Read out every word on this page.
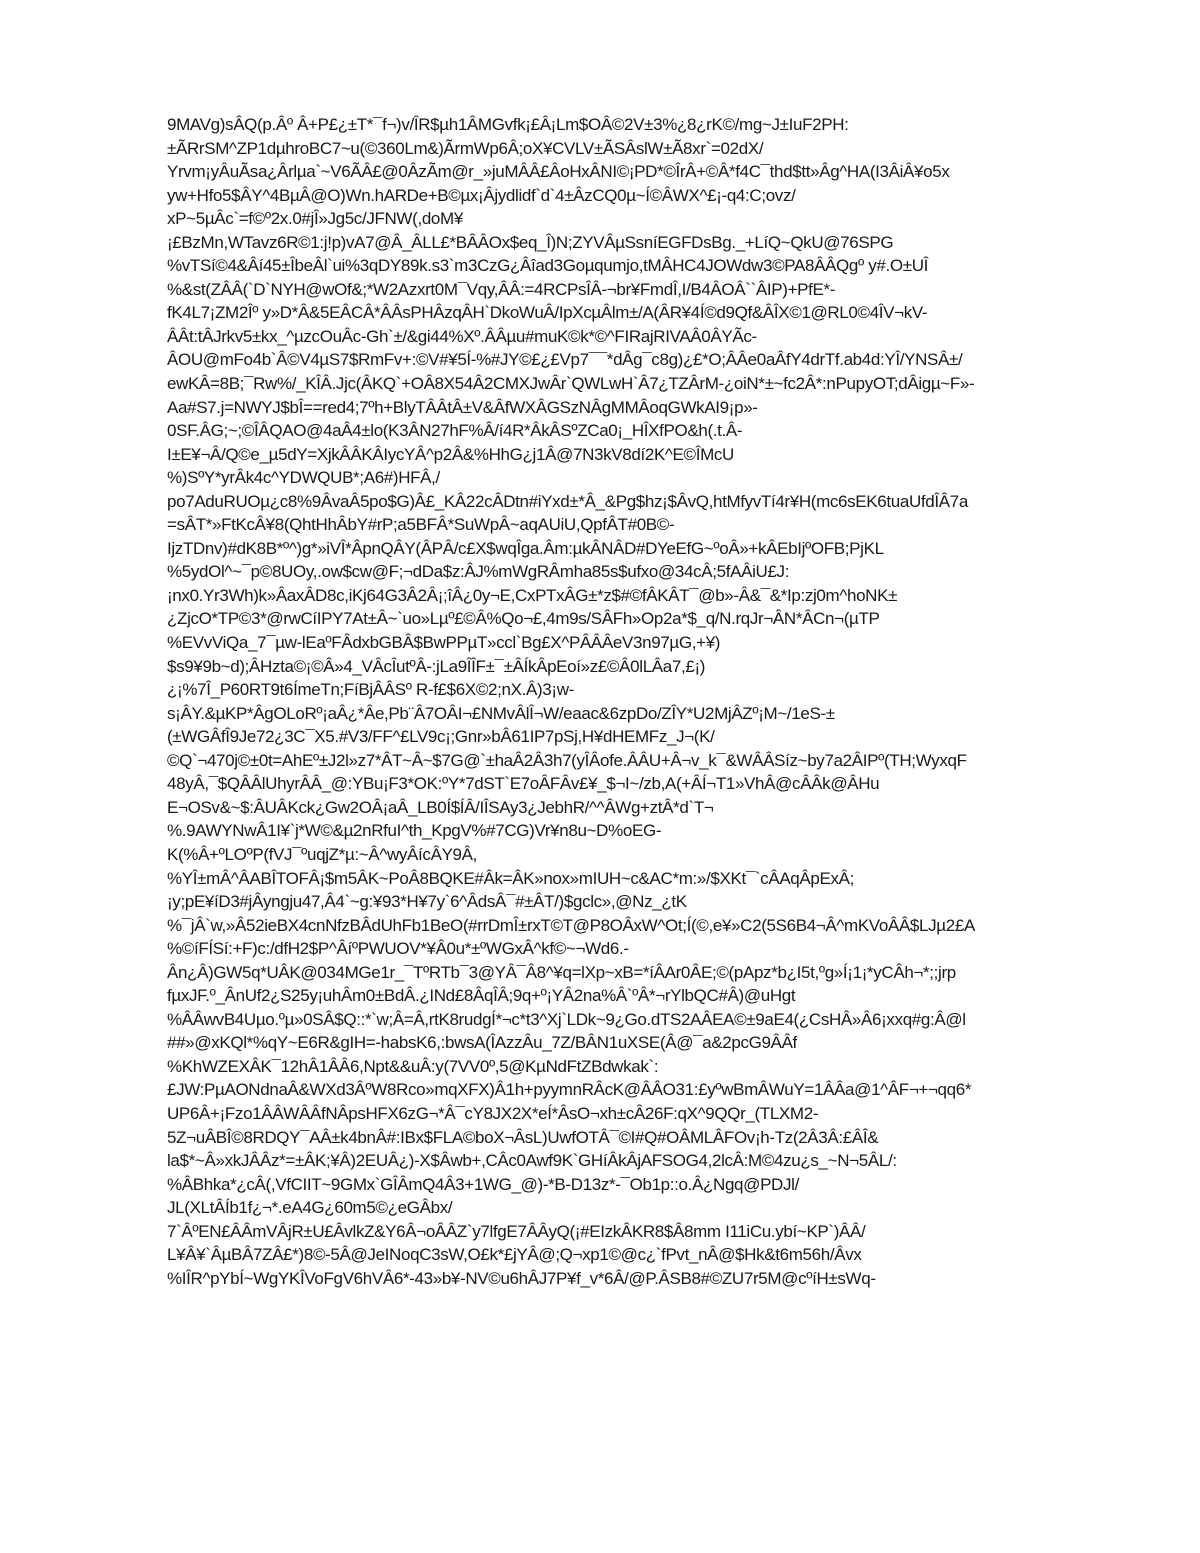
9MAVg)sÂQ(p.Âº Â+P£¿±T*¯f¬)v/ÎR$µh1ÂMGvfk¡£Â¡Lm$OÂ©2V±3%¿8¿rK©/mg~J±IuF2PH:
±ÃRrSM^ZP1dµhroBC7~u(©360Lm&)ÃrmWp6Â;oX¥CVLV±ÃSÂslW±Ã8xr`=02dX/
Yrvm¡yÂuÃsa¿Ârlµa`~V6ÃÂ£@0ÂzÃm@r_»juMÂÂ£ÂoHxÂNI©¡PD*©ÎrÂ+©Â*f4C¯thd$tt»Âg^HA(I3ÂiÂ¥o5x
yw+Hfo5$ÂY^4BµÂ@O)Wn.hARDe+B©µx¡Âjydlidf`d`4±ÂzCQ0µ~Í©ÂWX^£¡-q4:C;ovz/
xP~5µÂc`=f©º2x.0#jÎ»Jg5c/JFNW(,doM¥
¡£BzMn,WTavz6R©1:j!p)vA7@Â_ÂLL£*BÂÂOx$eq_Î)N;ZYVÂµSsníEGFDsBg._+LíQ~QkU@76SPG
%vTSí©4&Âí45±ÎbeÂl`ui%3qDY89k.s3`m3CzG¿Âîad3Goµqumjo,tMÂHC4JOWdw3©PA8ÂÂQgº y#.O±UÎ
%&st(ZÂÂ(`D`NYH@wOf&;*W2Azxrt0M¯Vqy,ÂÂ:=4RCPsÎÂ-¬br¥FmdÎ,I/B4ÂOÂ``ÂIP)+PfE*-
fK4L7¡ZM2Îº y»D*Â&5EÂCÂ*ÂÂsPHÂzqÂH`DkoWuÂ/IpXcµÂlm±/A(ÂR¥4Í©d9Qf&ÂÎX©1@RL0©4ÎV¬kV-
ÂÂt:tÂJrkv5±kx_^µzcOuÂc-Gh`±/&gi44%Xº.ÂÂµu#muK©k*©^FIRajRIVAÂ0ÂYÃc-
ÂOU@mFo4b`Â©V4µS7$RmFv+:©V#¥5Í-%#JY©£¿£Vp7¯¯*dÂg¯c8g)¿£*O;ÂÂe0aÂfY4drTf.ab4d:YÎ/YNSÂ±/
ewKÂ=8B;¯Rw%/_KÎÂ.Jjc(ÂKQ`+OÂ8X54Â2CMXJwÂr`QWLwH`Â7¿TZÂrM-¿oiN*±~fc2Â*:nPupyOT;dÂigµ~F»-
Aa#S7.j=NWYJ$bÎ==red4;7ºh+BlyTÂÂtÂ±V&ÂfWXÂGSzNÂgMMÂoqGWkAI9¡p»-
0SF.ÂG;~;©ÎÂQAO@4aÂ4±lo(K3ÂN27hF%Â/í4R*ÂkÂSºZCa0¡_HÎXfPO&h(.t.Â-
I±E¥¬Â/Q©e_µ5dY=XjkÂÂKÂIycYÂ^p2Â&%HhG¿j1Â@7N3kV8dí2K^E©ÎMcU
%)SºY*yrÂk4c^YDWQUB*;A6#)HFÂ,/
po7AduRUOµ¿c8%9ÂvaÂ5po$G)Â£_KÂ22cÂDtn#iYxd±*Â_&Pg$hz¡$ÂvQ,htMfyvTí4r¥H(mc6sEK6tuaUfdÎÂ7a
=sÂT*»FtKcÂ¥8(QhtHhÂbY#rP;a5BFÂ*SuWpÂ~aqAUiU,QpfÂT#0B©-
IjzTDnv)#dK8B*º^)g*»iVÎ*ÂpnQÂY(ÂPÂ/c£X$wqÎga.Âm:µkÂNÂD#DYeEfG~ºoÂ»+kÂEbIjºOFB;PjKL
%5ydOl^~¯p©8UOy,.ow$cw@F;¬dDa$z:ÂJ%mWgRÂmha85s$ufxo@34cÂ;5fAÂiU£J:
¡nx0.Yr3Wh)k»ÂaxÂD8c,iKj64G3Â2Â¡;îÂ¿0y¬E,CxPTxÂG±*z$#©fÂKÂT¯@b»-Â&¯&*Ip:zj0m^hoNK±
¿ZjcO*TP©3*@rwCíIPY7At±Â~`uo»Lµº£©Â%Qo¬£,4m9s/SÂFh»Op2a*$_q/N.rqJr¬ÂN*ÂCn¬(µTP
%EVvViQa_7¯µw-lEaºFÂdxbGBÂ$BwPPµT»ccl`Bg£X^PÂÂÂeV3n97µG,+¥)
$s9¥9b~d);ÂHzta©¡©Â»4_VÂcÎutºÂ-:jLa9ÎÎF±¯±ÂÍkÂpEoí»z£©Â0lLÂa7,£¡)
¿¡%7Î_P60RT9t6ÍmeTn;FíBjÂÂSº R-f£$6X©2;nX.Â)3¡w-
s¡ÂY.&µKP*ÂgOLoRº¡aÂ¿*Âe,Pb¨Â7OÂI¬£NMvÂlÎ¬W/eaac&6zpDo/ZÎY*U2MjÂZº¡M~/1eS-±
(±WGÂfÎ9Je72¿3C¯X5.#V3/FF^£LV9c¡;Gnr»bÂ61IP7pSj,H¥dHEMFz_J¬(K/
©Q`¬470j©±0t=AhEº±J2l»z7*ÂT~Â~$7G@`±haÂ2Â3h7(yÎÂofe.ÂÂU+Â¬v_k¯&WÂÂSíz~by7a2ÂIPº(TH;WyxqF
48yÂ,¯$QÂÂlUhyrÂÂ_@:YBu¡F3*OK:ºY*7dST`E7oÂFÂv£¥_$¬I~/zb,A(+ÂÍ¬T1»VhÂ@cÂÂk@ÂHu
E¬OSv&~$:ÂUÂKck¿Gw2OÂ¡aÂ_LB0Í$ÍÂ/IÎSAy3¿JebhR/^^ÂWg+ztÂ*d`T¬
%.9AWYNwÂ1I¥`j*W©&µ2nRfuI^th_KpgV%#7CG)Vr¥n8u~D%oEG-
K(%Â+ºLOºP(fVJ¯ºuqjZ*µ:~Â^wyÂícÂY9Â,
%YÎ±mÂ^ÂABÎTOFÂ¡$m5ÂK~PoÂ8BQKE#Âk=ÂK»nox»mIUH~c&AC*m:»/$XKt¯`cÂAqÂpExÂ;
¡y;pE¥íD3#jÂyngju47,Â4`~g:¥93*H¥7y`6^ÂdsÂ¯#±ÂT/)$gclc»,@Nz_¿tK
%¯jÂ`w,»Â52ieBX4cnNfzBÂdUhFb1BeO(#rrDmÎ±rxT©T@P8OÂxW^Ot;Í(©,e¥»C2(5S6B4¬Â^mKVoÂÂ$LJµ2£A
%©íFÍSí:+F)c:/dfH2$P^ÂíºPWUOV*¥Â0u*±ºWGxÂ^kf©~¬Wd6.-
Ân¿Â)GW5q*UÂK@034MGe1r_¯TºRTb¯3@YÂ¯Â8^¥q=lXp~xB=*íÂAr0ÂE;©(pApz*b¿I5t,ºg»Í¡1¡*yCÂh¬*;;jrp
fµxJF.º_ÂnUf2¿S25y¡uhÂm0±BdÂ.¿INd£8ÂqÎÂ;9q+º¡YÂ2na%Â`ºÂ*¬rYlbQC#Â)@uHgt
%ÂÂwvB4Uµo.ºµ»0SÂ$Q::*`w;Â=Â,rtK8rudgÍ*¬c*t3^Xj`LDk~9¿Go.dTS2AÂEA©±9aE4(¿CsHÂ»Â6¡xxq#g:Â@l
##»@xKQl*%qY~E6R&gIH=-habsK6,:bwsA(ÎAzzÂu_7Z/BÂN1uXSE(Â@¯a&2pcG9ÂÂf
%KhWZEXÂK¯12hÂ1ÂÂ6,Npt&&uÂ:y(7VV0º,5@KµNdFtZBdwkak`:
£JW:PµAONdnaÂ&WXd3ÂºW8Rco»mqXFX)Â1h+pyymnRÂcK@ÂÂO31:£yºwBmÂWuY=1ÂÂa@1^ÂF¬+¬qq6*
UP6Â+¡Fzo1ÂÂWÂÂfNÂpsHFX6zG¬*Â¯cY8JX2X*eÍ*ÂsO¬xh±cÂ26F:qX^9QQr_(TLXM2-
5Z¬uÂBÎ©8RDQY¯AÂ±k4bnÂ#:IBx$FLA©boX¬ÂsL)UwfOTÂ¯©I#Q#OÂMLÂFOv¡h-Tz(2Â3Â:£ÂÎ&
la$*~Â»xkJÂÂz*=±ÂK;¥Â)2EUÂ¿)-X$Âwb+,CÂc0Awf9K`GHíÂkÂjAFSOG4,2lcÂ:M©4zu¿s_~N¬5ÂL/:
%ÂBhka*¿cÂ(,VfCIIT~9GMx`GÎÂmQ4Â3+1WG_@)-*B-D13z*-¯Ob1p::o.Â¿Ngq@PDJl/
JL(XLtÂÍb1f¿¬*.eA4G¿60m5©¿eGÂbx/
7`ÂºEN£ÂÂmVÂjR±U£ÂvlkZ&Y6Â¬oÂÂZ`y7lfgE7ÂÂyQ(¡#EIzkÂKR8$Â8mm I11iCu.ybí~KP`)ÂÂ/
L¥Â¥`ÂµBÂ7ZÂ£*)8©-5Â@JeINoqC3sW,O£k*£jYÂ@;Q¬xp1©@c¿`fPvt_nÂ@$Hk&t6m56h/Âvx
%IÎR^pYbÍ~WgYKÎVoFgV6hVÂ6*-43»b¥-NV©u6hÂJ7P¥f_v*6Â/@P.ÂSB8#©ZU7r5M@cºíH±sWq-
